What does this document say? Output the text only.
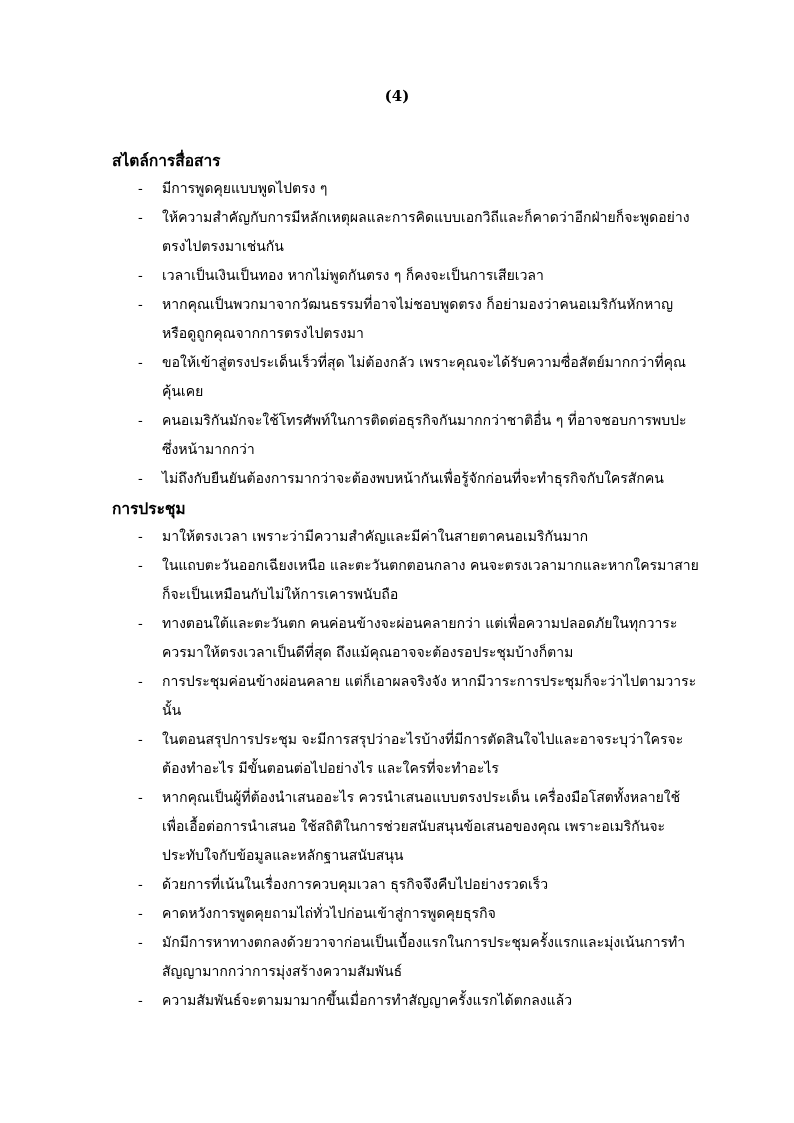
(4)
สไตล์การสื่อสาร
- มีการพูดคุยแบบพูดไปตรง ๆ
- ให้ความสำคัญกับการมีหลักเหตุผลและการคิดแบบเอกวิถีและก็คาดว่าอีกฝ่ายก็จะพูดอย่างตรงไปตรงมาเช่นกัน
- เวลาเป็นเงินเป็นทอง หากไม่พูดกันตรง ๆ ก็คงจะเป็นการเสียเวลา
- หากคุณเป็นพวกมาจากวัฒนธรรมที่อาจไม่ชอบพูดตรง ก็อย่ามองว่าคนอเมริกันหักหาญ หรือดูถูกคุณจากการตรงไปตรงมา
- ขอให้เข้าสู่ตรงประเด็นเร็วที่สุด ไม่ต้องกลัว เพราะคุณจะได้รับความซื่อสัตย์มากกว่าที่คุณคุ้นเคย
- คนอเมริกันมักจะใช้โทรศัพท์ในการติดต่อธุรกิจกันมากกว่าชาติอื่น ๆ ที่อาจชอบการพบปะซึ่งหน้ามากกว่า
- ไม่ถึงกับยืนยันต้องการมากว่าจะต้องพบหน้ากันเพื่อรู้จักก่อนที่จะทำธุรกิจกับใครสักคน
การประชุม
- มาให้ตรงเวลา เพราะว่ามีความสำคัญและมีค่าในสายตาคนอเมริกันมาก
- ในแถบตะวันออกเฉียงเหนือ และตะวันตกตอนกลาง คนจะตรงเวลามากและหากใครมาสายก็จะเป็นเหมือนกับไม่ให้การเคารพนับถือ
- ทางตอนใต้และตะวันตก คนค่อนข้างจะผ่อนคลายกว่า แต่เพื่อความปลอดภัยในทุกวาระควรมาให้ตรงเวลาเป็นดีที่สุด ถึงแม้คุณอาจจะต้องรอประชุมบ้างก็ตาม
- การประชุมค่อนข้างผ่อนคลาย แต่ก็เอาผลจริงจัง หากมีวาระการประชุมก็จะว่าไปตามวาระนั้น
- ในตอนสรุปการประชุม จะมีการสรุปว่าอะไรบ้างที่มีการตัดสินใจไปและอาจระบุว่าใครจะต้องทำอะไร มีขั้นตอนต่อไปอย่างไร และใครที่จะทำอะไร
- หากคุณเป็นผู้ที่ต้องนำเสนออะไร ควรนำเสนอแบบตรงประเด็น เครื่องมือโสตทั้งหลายใช้เพื่อเอื้อต่อการนำเสนอ ใช้สถิติในการช่วยสนับสนุนข้อเสนอของคุณ เพราะอเมริกันจะประทับใจกับข้อมูลและหลักฐานสนับสนุน
- ด้วยการที่เน้นในเรื่องการควบคุมเวลา ธุรกิจจึงคืบไปอย่างรวดเร็ว
- คาดหวังการพูดคุยถามไถ่ทั่วไปก่อนเข้าสู่การพูดคุยธุรกิจ
- มักมีการหาทางตกลงด้วยวาจาก่อนเป็นเบื้องแรกในการประชุมครั้งแรกและมุ่งเน้นการทำสัญญามากกว่าการมุ่งสร้างความสัมพันธ์
- ความสัมพันธ์จะตามมามากขึ้นเมื่อการทำสัญญาครั้งแรกได้ตกลงแล้ว
